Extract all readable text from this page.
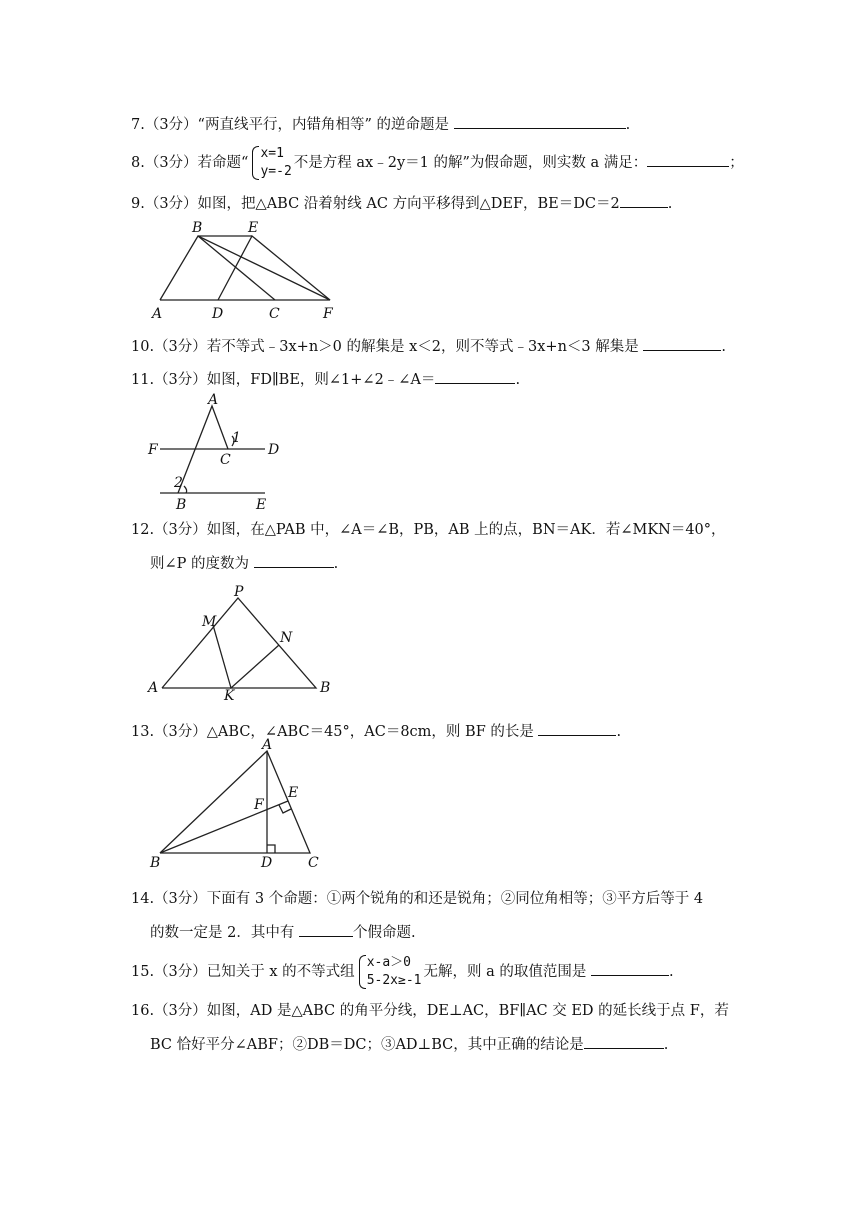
7.（3分）“两直线平行，内错角相等” 的逆命题是	.
8.（3分）若命题“
x=1
y=-2
不是方程 ax﹣2y＝1 的解”为假命题，则实数 a 满足：	；
9.（3分）如图，把△ABC 沿着射线 AC 方向平移得到△DEF，BE＝DC＝2	.
B	E
A	D	C	F
10.（3分）若不等式﹣3x+n＞0 的解集是 x＜2，则不等式﹣3x+n＜3 解集是	.
11.（3分）如图，FD∥BE，则∠1+∠2﹣∠A＝	.
A
F
C
1
D
2
B	E
12.（3分）如图，在△PAB 中，∠A＝∠B，PB，AB 上的点，BN＝AK．若∠MKN＝40°，
则∠P 的度数为	.
P
M
N
A	K	B
13.（3分）△ABC，∠ABC＝45°，AC＝8cm，则 BF 的长是	.
A
E
F
B	D	C
14.（3分）下面有 3 个命题：①两个锐角的和还是锐角；②同位角相等；③平方后等于 4
的数一定是 2．其中有	个假命题.
15.（3分）已知关于 x 的不等式组
x-a＞0
5-2x≥-1
无解，则 a 的取值范围是	.
16.（3分）如图，AD 是△ABC 的角平分线，DE⊥AC，BF∥AC 交 ED 的延长线于点 F，若
BC 恰好平分∠ABF；②DB＝DC；③AD⊥BC，其中正确的结论是	.
